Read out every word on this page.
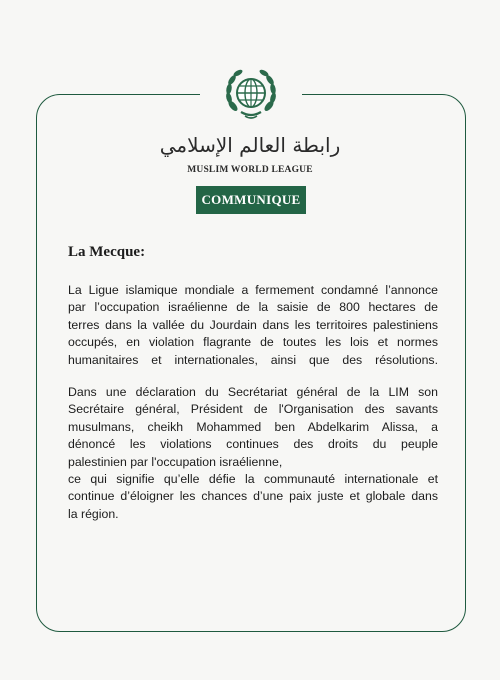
رابطة العالم الإسلامي
MUSLIM WORLD LEAGUE
COMMUNIQUE
La Mecque:

La Ligue islamique mondiale a fermement condamné l’annonce
par l’occupation israélienne de la saisie de 800 hectares de
terres dans la vallée du Jourdain dans les territoires palestiniens
occupés, en violation flagrante de toutes les lois et normes
humanitaires et internationales, ainsi que des résolutions.

Dans une déclaration du Secrétariat général de la LIM son
Secrétaire général, Président de l'Organisation des savants
musulmans, cheikh Mohammed ben Abdelkarim Alissa, a
dénoncé les violations continues des droits du peuple
palestinien par l'occupation israélienne,
ce qui signifie qu’elle défie la communauté internationale et
continue d’éloigner les chances d’une paix juste et globale dans
la région.
